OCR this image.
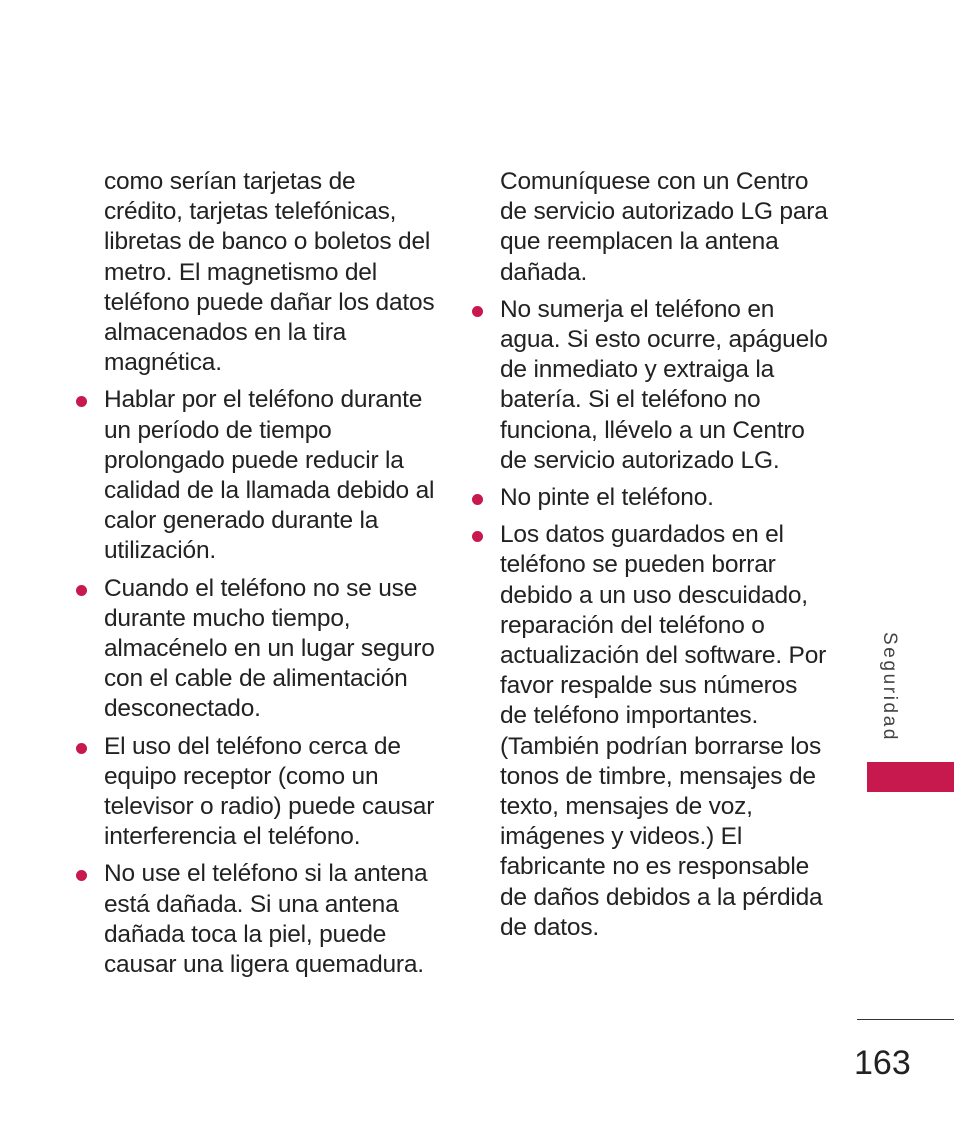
como serían tarjetas de crédito, tarjetas telefónicas, libretas de banco o boletos del metro. El magnetismo del teléfono puede dañar los datos almacenados en la tira magnética.

Hablar por el teléfono durante un período de tiempo prolongado puede reducir la calidad de la llamada debido al calor generado durante la utilización.
Cuando el teléfono no se use durante mucho tiempo, almacénelo en un lugar seguro con el cable de alimentación desconectado.
El uso del teléfono cerca de equipo receptor (como un televisor o radio) puede causar interferencia el teléfono.
No use el teléfono si la antena está dañada. Si una antena dañada toca la piel, puede causar una ligera quemadura.

Comuníquese con un Centro de servicio autorizado LG para que reemplacen la antena dañada.

No sumerja el teléfono en agua. Si esto ocurre, apáguelo de inmediato y extraiga la batería. Si el teléfono no funciona, llévelo a un Centro de servicio autorizado LG.
No pinte el teléfono.
Los datos guardados en el teléfono se pueden borrar debido a un uso descuidado, reparación del teléfono o actualización del software. Por favor respalde sus números de teléfono importantes. (También podrían borrarse los tonos de timbre, mensajes de texto, mensajes de voz, imágenes y videos.) El fabricante no es responsable de daños debidos a la pérdida de datos.
Seguridad
163
